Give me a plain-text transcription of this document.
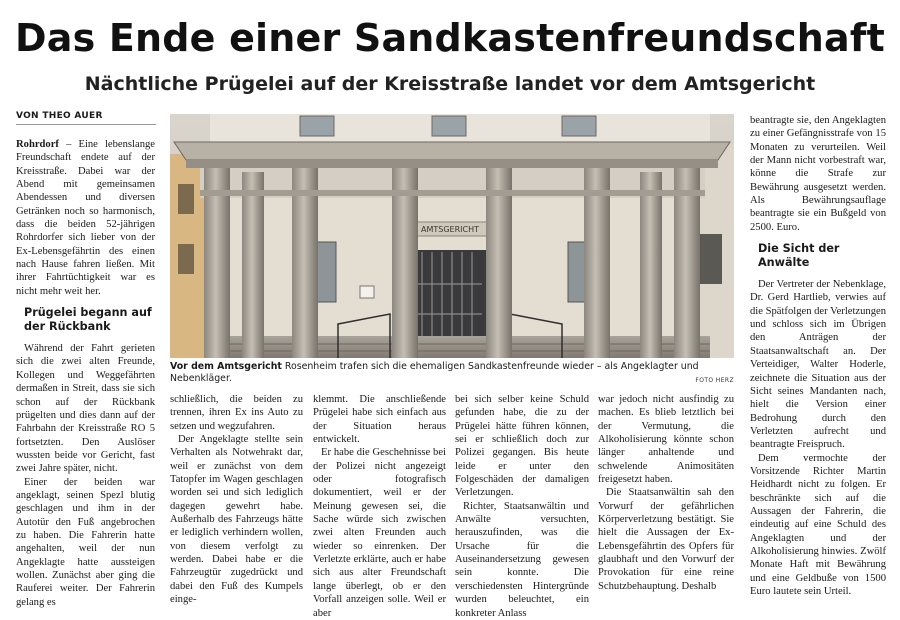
Das Ende einer Sandkastenfreundschaft
Nächtliche Prügelei auf der Kreisstraße landet vor dem Amtsgericht
VON THEO AUER

Rohrdorf – Eine lebenslange Freundschaft endete auf der Kreisstraße. Dabei war der Abend mit gemeinsamen Abendessen und diversen Getränken noch so harmonisch, dass die beiden 52-jährigen Rohrdorfer sich lieber von der Ex-Lebensgefährtin des einen nach Hause fahren ließen. Mit ihrer Fahrtüchtigkeit war es nicht mehr weit her.

Prügelei begann auf der Rückbank

Während der Fahrt gerieten sich die zwei alten Freunde, Kollegen und Weggefährten dermaßen in Streit, dass sie sich schon auf der Rückbank prügelten und dies dann auf der Fahrbahn der Kreisstraße RO 5 fortsetzten. Den Auslöser wussten beide vor Gericht, fast zwei Jahre später, nicht.

Einer der beiden war angeklagt, seinen Spezl blutig geschlagen und ihm in der Autotür den Fuß angebrochen zu haben. Die Fahrerin hatte angehalten, weil der nun Angeklagte hatte aussteigen wollen. Zunächst aber ging die Rauferei weiter. Der Fahrerin gelang es

AMTSGERICHT
Vor dem Amtsgericht Rosenheim trafen sich die ehemaligen Sandkastenfreunde wieder – als Angeklagter und Nebenkläger.	FOTO HERZ

schließlich, die beiden zu trennen, ihren Ex ins Auto zu setzen und wegzufahren.

Der Angeklagte stellte sein Verhalten als Notwehrakt dar, weil er zunächst von dem Tatopfer im Wagen geschlagen worden sei und sich lediglich dagegen gewehrt habe. Außerhalb des Fahrzeugs hätte er lediglich verhindern wollen, von diesem verfolgt zu werden. Dabei habe er die Fahrzeugtür zugedrückt und dabei den Fuß des Kumpels einge-

klemmt. Die anschließende Prügelei habe sich einfach aus der Situation heraus entwickelt.

Er habe die Geschehnisse bei der Polizei nicht angezeigt oder fotografisch dokumentiert, weil er der Meinung gewesen sei, die Sache würde sich zwischen zwei alten Freunden auch wieder so einrenken. Der Verletzte erklärte, auch er habe sich aus alter Freundschaft lange überlegt, ob er den Vorfall anzeigen solle. Weil er aber

bei sich selber keine Schuld gefunden habe, die zu der Prügelei hätte führen können, sei er schließlich doch zur Polizei gegangen. Bis heute leide er unter den Folgeschäden der damaligen Verletzungen.

Richter, Staatsanwältin und Anwälte versuchten, herauszufinden, was die Ursache für die Auseinandersetzung gewesen sein konnte. Die verschiedensten Hintergründe wurden beleuchtet, ein konkreter Anlass

war jedoch nicht ausfindig zu machen. Es blieb letztlich bei der Vermutung, die Alkoholisierung könnte schon länger anhaltende und schwelende Animositäten freigesetzt haben.

Die Staatsanwältin sah den Vorwurf der gefährlichen Körperverletzung bestätigt. Sie hielt die Aussagen der Ex-Lebensgefährtin des Opfers für glaubhaft und den Vorwurf der Provokation für eine reine Schutzbehauptung. Deshalb

beantragte sie, den Angeklagten zu einer Gefängnisstrafe von 15 Monaten zu verurteilen. Weil der Mann nicht vorbestraft war, könne die Strafe zur Bewährung ausgesetzt werden. Als Bewährungsauflage beantragte sie ein Bußgeld von 2500. Euro.

Die Sicht der Anwälte

Der Vertreter der Nebenklage, Dr. Gerd Hartlieb, verwies auf die Spätfolgen der Verletzungen und schloss sich im Übrigen den Anträgen der Staatsanwaltschaft an. Der Verteidiger, Walter Hoderle, zeichnete die Situation aus der Sicht seines Mandanten nach, hielt die Version einer Bedrohung durch den Verletzten aufrecht und beantragte Freispruch.

Dem vermochte der Vorsitzende Richter Martin Heidhardt nicht zu folgen. Er beschränkte sich auf die Aussagen der Fahrerin, die eindeutig auf eine Schuld des Angeklagten und der Alkoholisierung hinwies. Zwölf Monate Haft mit Bewährung und eine Geldbuße von 1500 Euro lautete sein Urteil.
